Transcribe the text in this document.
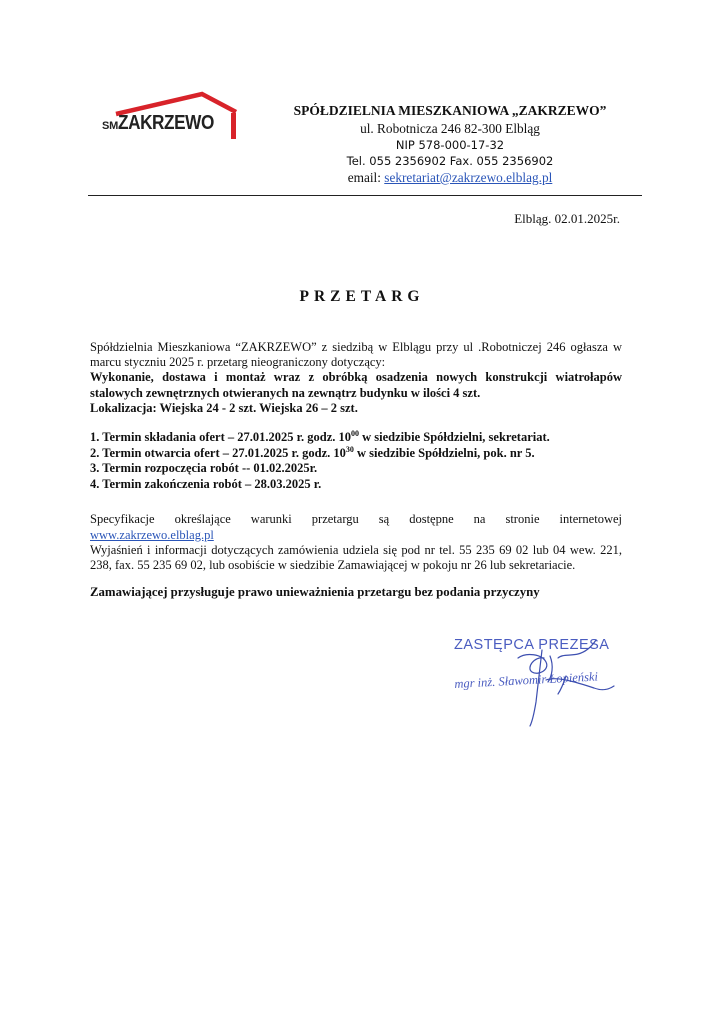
SM ZAKRZEWO
SPÓŁDZIELNIA MIESZKANIOWA „ZAKRZEWO”
ul. Robotnicza 246 82-300 Elbląg
NIP 578-000-17-32
Tel. 055 2356902 Fax. 055 2356902
email: sekretariat@zakrzewo.elblag.pl
Elbląg. 02.01.2025r.
PRZETARG
Spółdzielnia Mieszkaniowa “ZAKRZEWO” z siedzibą w Elblągu przy ul .Robotniczej 246 ogłasza w marcu styczniu 2025 r. przetarg nieograniczony dotyczący:
Wykonanie, dostawa i montaż wraz z obróbką osadzenia nowych konstrukcji wiatrołapów stalowych zewnętrznych otwieranych na zewnątrz budynku w ilości 4 szt.
Lokalizacja: Wiejska 24 - 2 szt. Wiejska 26 – 2 szt.
1. Termin składania ofert – 27.01.2025 r. godz. $10^{00}$ w siedzibie Spółdzielni, sekretariat.
2. Termin otwarcia ofert – 27.01.2025 r. godz. $10^{30}$ w siedzibie Spółdzielni, pok. nr 5.
3. Termin rozpoczęcia robót -- 01.02.2025r.
4. Termin zakończenia robót – 28.03.2025 r.
Specyfikacje określające warunki przetargu są dostępne na stronie internetowej
www.zakrzewo.elblag.pl
Wyjaśnień i informacji dotyczących zamówienia udziela się pod nr tel. 55 235 69 02 lub 04 wew. 221, 238, fax. 55 235 69 02, lub osobiście w siedzibie Zamawiającej w pokoju nr 26 lub sekretariacie.
Zamawiającej przysługuje prawo unieważnienia przetargu bez podania przyczyny
ZASTĘPCA PREZESA
mgr inż. Sławomir Łopieński
